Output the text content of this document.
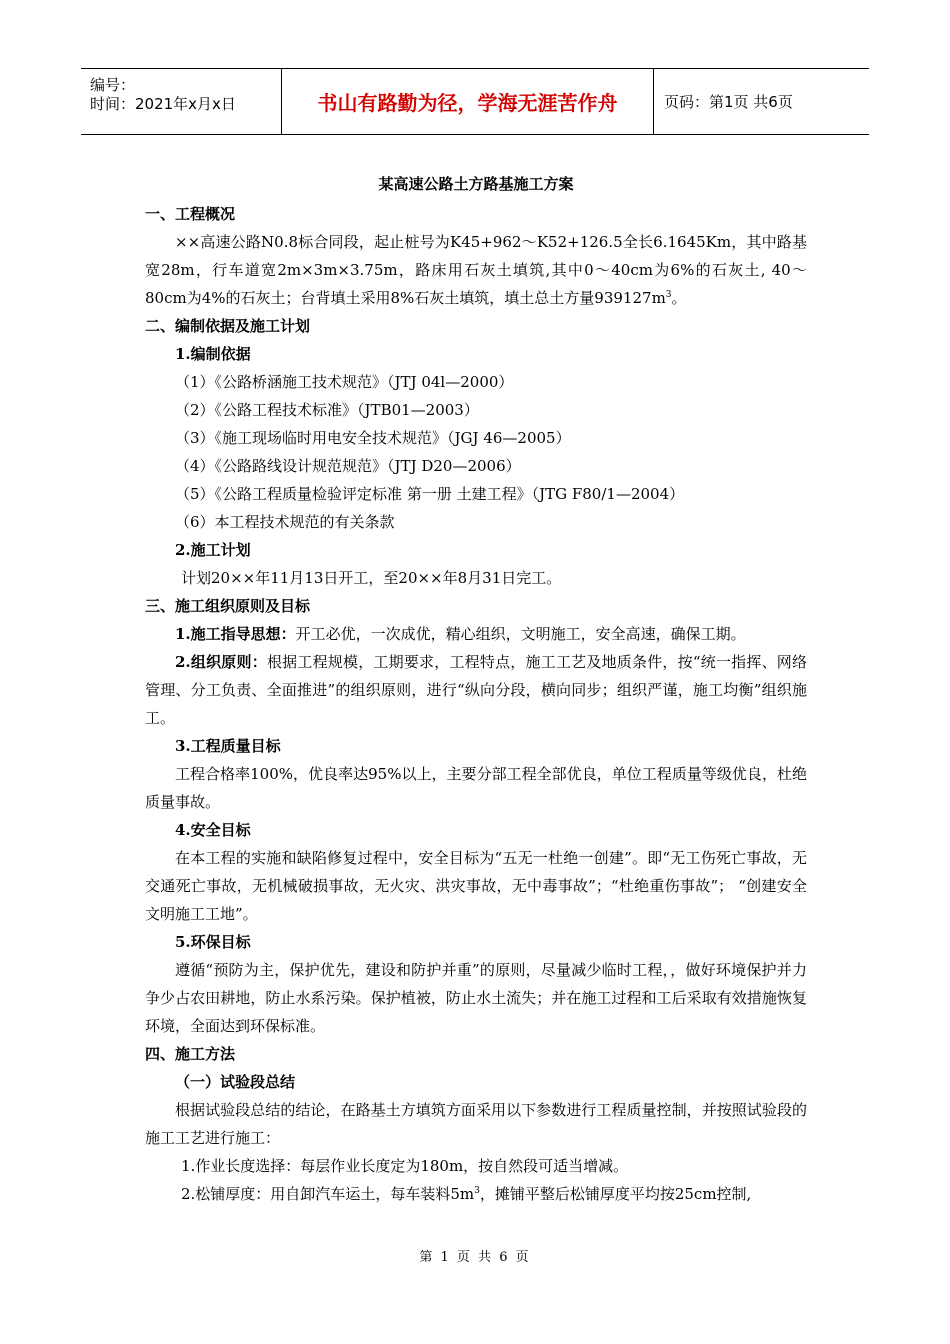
编号：
时间：2021年x月x日	书山有路勤为径，学海无涯苦作舟	页码：第1页 共6页

某高速公路土方路基施工方案

一、工程概况

××高速公路N0.8标合同段，起止桩号为K45+962～K52+126.5全长6.1645Km，其中路基宽28m，行车道宽2m×3m×3.75m，路床用石灰土填筑,其中0～40cm为6%的石灰土, 40～80cm为4%的石灰土；台背填土采用8%石灰土填筑，填土总土方量$939127m^3$。

二、编制依据及施工计划

1.编制依据

（1）《公路桥涵施工技术规范》（JTJ 04l—2000）

（2）《公路工程技术标准》（JTB01—2003）

（3）《施工现场临时用电安全技术规范》（JGJ 46—2005）

（4）《公路路线设计规范规范》（JTJ D20—2006）

（5）《公路工程质量检验评定标准 第一册 土建工程》（JTG F80/1—2004）

（6）本工程技术规范的有关条款

2.施工计划

计划20××年11月13日开工，至20××年8月31日完工。

三、施工组织原则及目标

1.施工指导思想：开工必优，一次成优，精心组织，文明施工，安全高速，确保工期。

2.组织原则：根据工程规模，工期要求，工程特点，施工工艺及地质条件，按“统一指挥、网络管理、分工负责、全面推进”的组织原则，进行“纵向分段，横向同步；组织严谨，施工均衡”组织施工。

3.工程质量目标

工程合格率100%，优良率达95%以上，主要分部工程全部优良，单位工程质量等级优良，杜绝质量事故。

4.安全目标

在本工程的实施和缺陷修复过程中，安全目标为“五无一杜绝一创建”。即“无工伤死亡事故，无交通死亡事故，无机械破损事故，无火灾、洪灾事故，无中毒事故”；“杜绝重伤事故”； “创建安全文明施工工地”。

5.环保目标

遵循“预防为主，保护优先，建设和防护并重”的原则，尽量减少临时工程，，做好环境保护并力争少占农田耕地，防止水系污染。保护植被，防止水土流失；并在施工过程和工后采取有效措施恢复环境，全面达到环保标准。

四、施工方法

（一）试验段总结

根据试验段总结的结论，在路基土方填筑方面采用以下参数进行工程质量控制，并按照试验段的施工工艺进行施工：

1.作业长度选择：每层作业长度定为180m，按自然段可适当增减。

2.松铺厚度：用自卸汽车运土，每车装料$5m^3$，摊铺平整后松铺厚度平均按25cm控制,

第 1 页 共 6 页
